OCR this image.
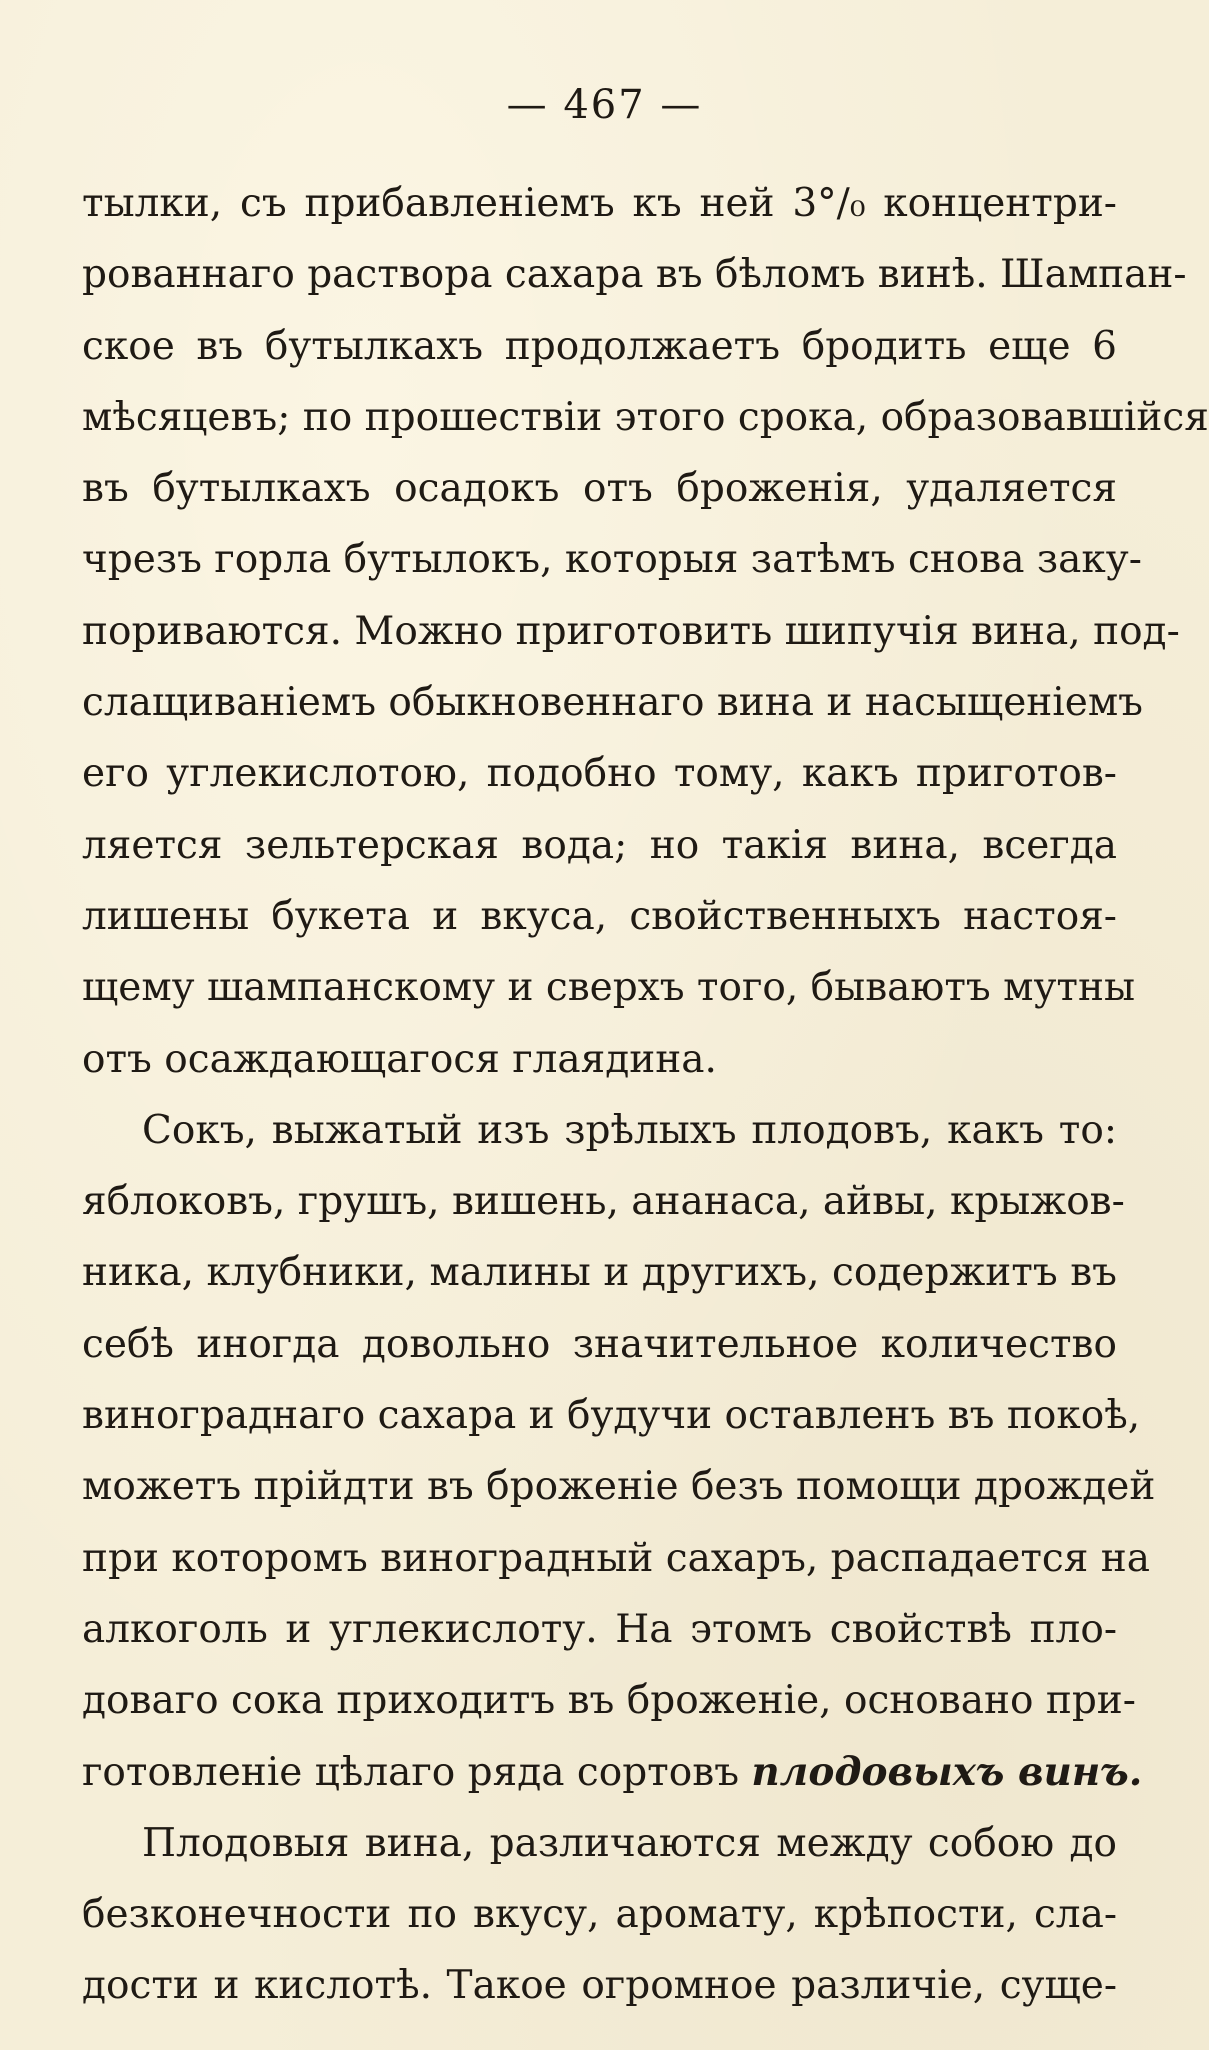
— 467 —
тылки, съ прибавленіемъ къ ней 3°/₀ концентри-
рованнаго раствора сахара въ бѣломъ винѣ. Шампан-
ское въ бутылкахъ продолжаетъ бродить еще 6
мѣсяцевъ; по прошествіи этого срока, образовавшійся
въ бутылкахъ осадокъ отъ броженія, удаляется
чрезъ горла бутылокъ, которыя затѣмъ снова заку-
пориваются. Можно приготовить шипучія вина, под-
слащиваніемъ обыкновеннаго вина и насыщеніемъ
его углекислотою, подобно тому, какъ приготов-
ляется зельтерская вода; но такія вина, всегда
лишены букета и вкуса, свойственныхъ настоя-
щему шампанскому и сверхъ того, бываютъ мутны
отъ осаждающагося глаядина.
Сокъ, выжатый изъ зрѣлыхъ плодовъ, какъ то:
яблоковъ, грушъ, вишень, ананаса, айвы, крыжов-
ника, клубники, малины и другихъ, содержитъ въ
себѣ иногда довольно значительное количество
винограднаго сахара и будучи оставленъ въ покоѣ,
можетъ прійдти въ броженіе безъ помощи дрождей
при которомъ виноградный сахаръ, распадается на
алкоголь и углекислоту. На этомъ свойствѣ пло-
доваго сока приходитъ въ броженіе, основано при-
готовленіе цѣлаго ряда сортовъ плодовыхъ винъ.
Плодовыя вина, различаются между собою до
безконечности по вкусу, аромату, крѣпости, сла-
дости и кислотѣ. Такое огромное различіе, суще-
